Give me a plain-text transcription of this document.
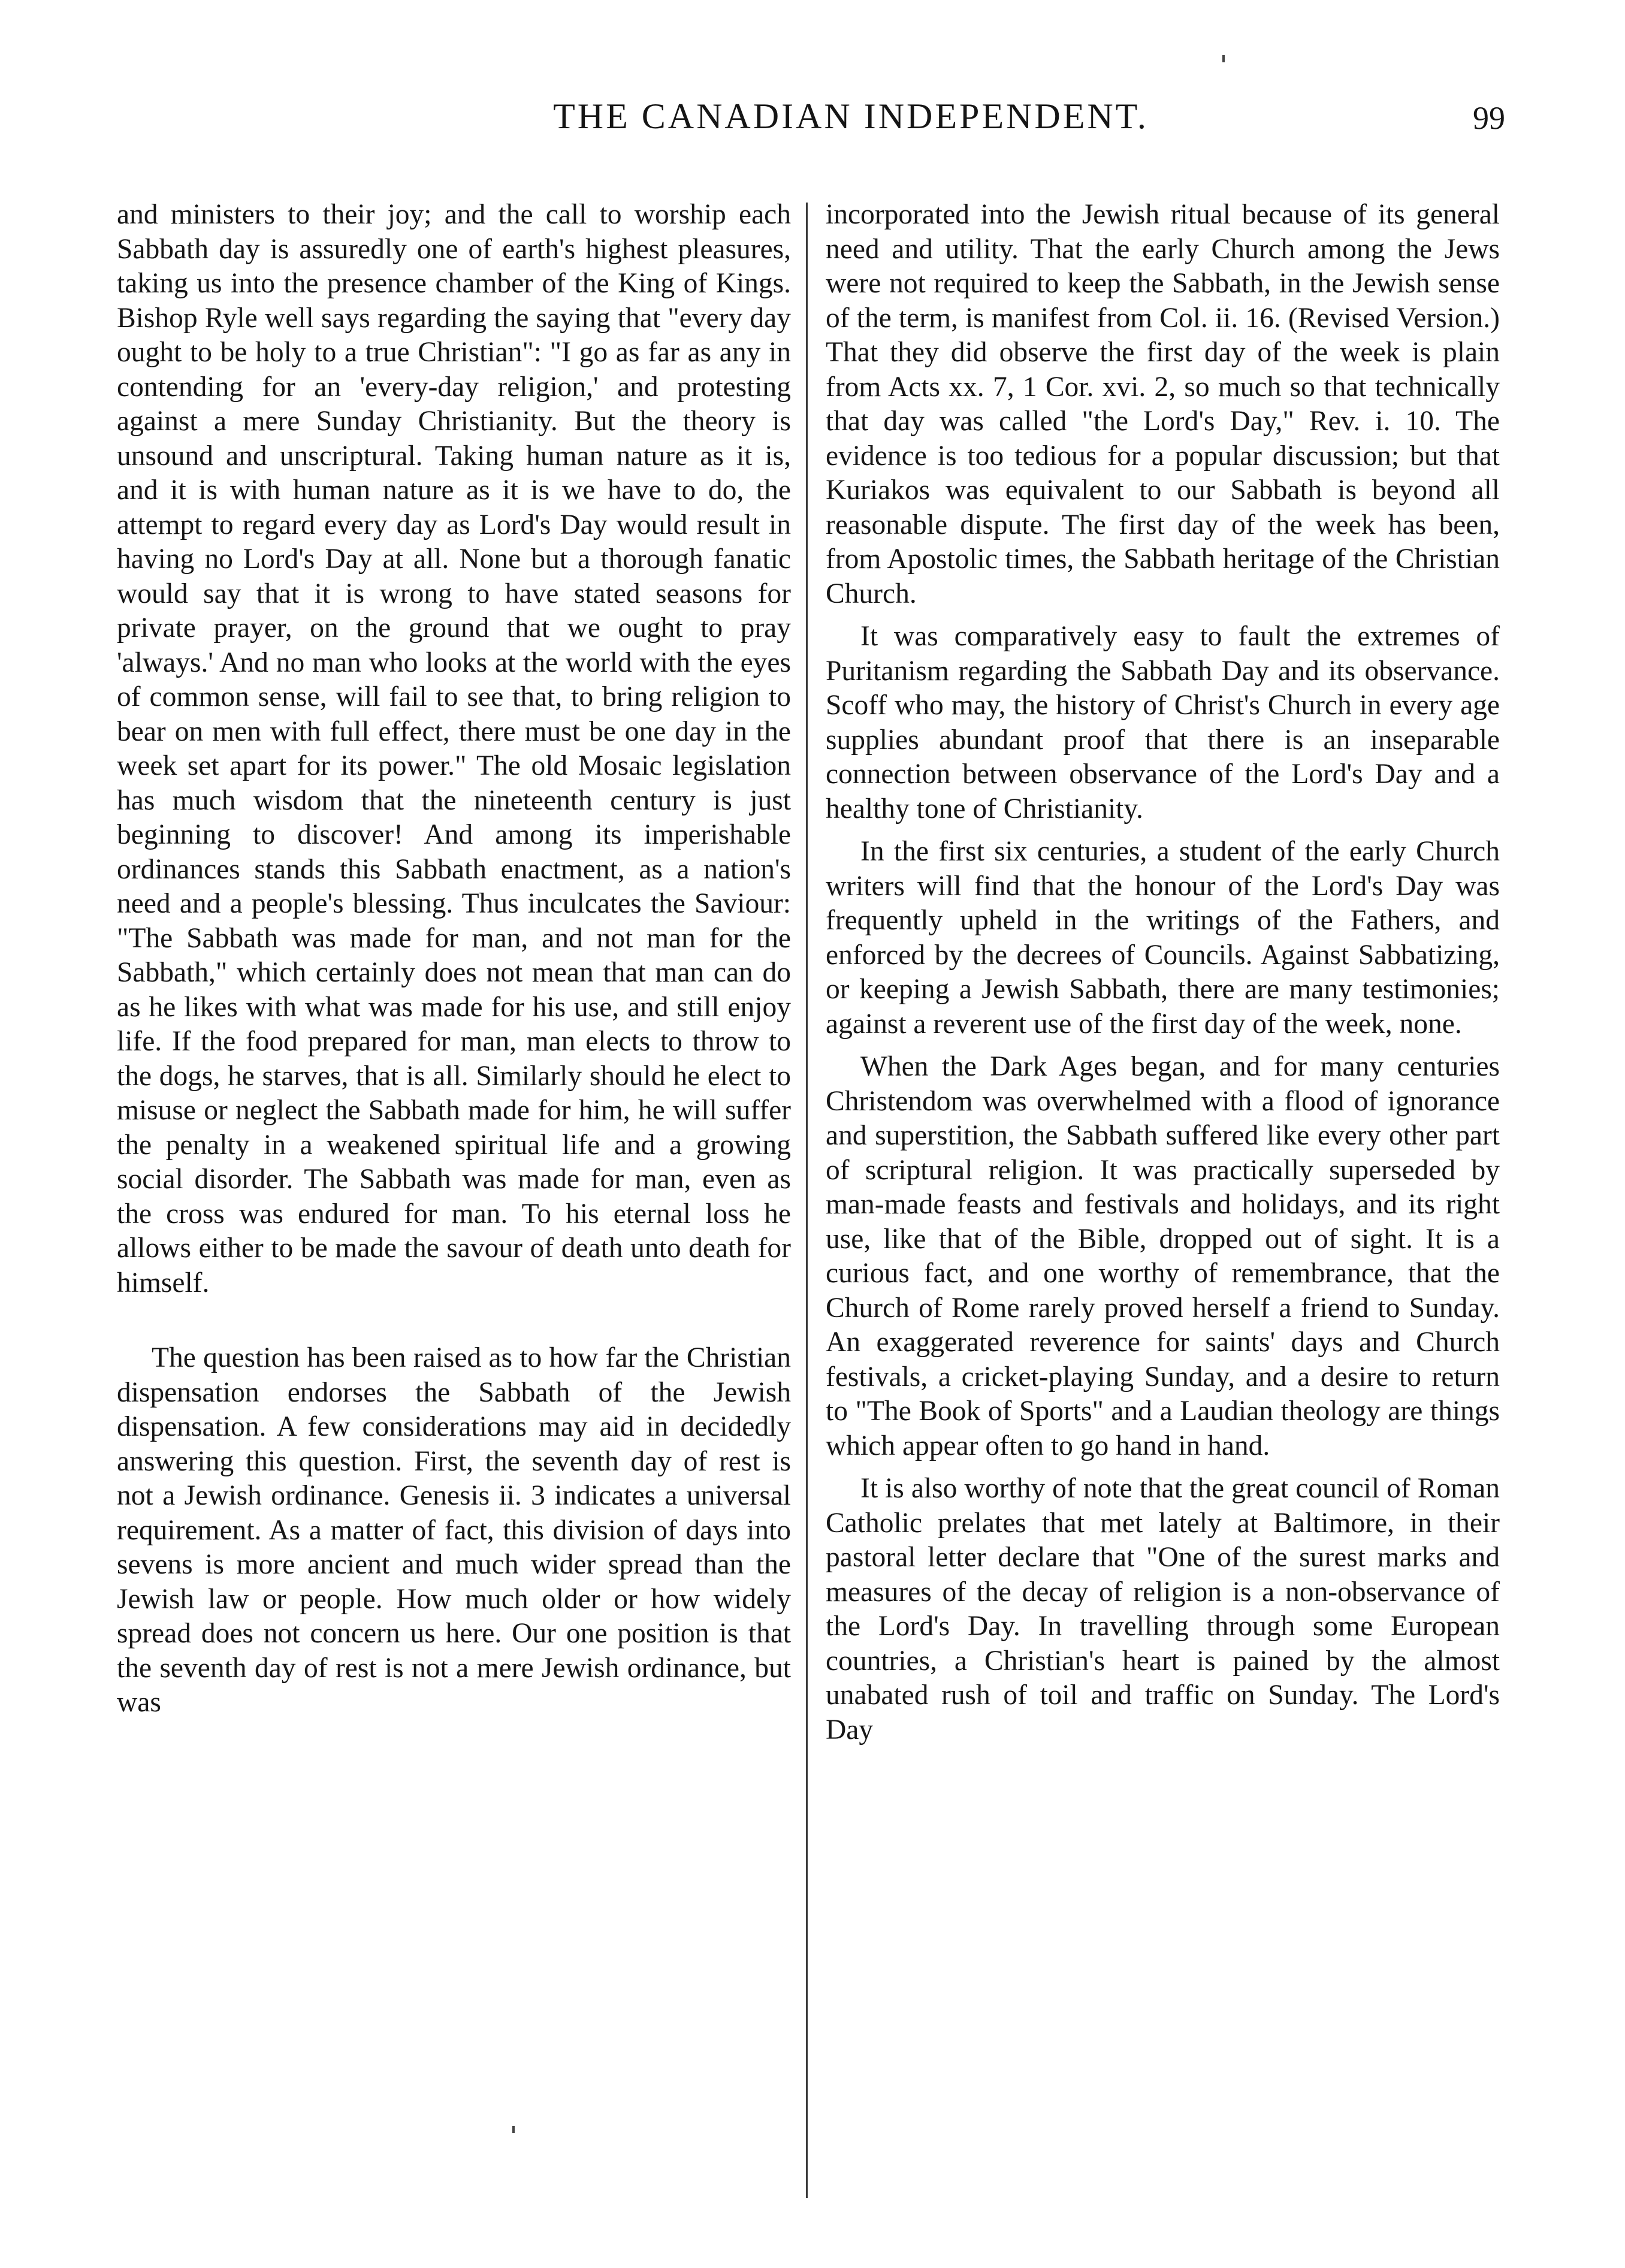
THE CANADIAN INDEPENDENT.	99

and ministers to their joy; and the call to worship each Sabbath day is assuredly one of earth's highest pleasures, taking us into the presence chamber of the King of Kings. Bishop Ryle well says regarding the saying that "every day ought to be holy to a true Christian": "I go as far as any in contending for an 'every-day religion,' and protesting against a mere Sunday Christianity. But the theory is unsound and unscriptural. Taking human nature as it is, and it is with human nature as it is we have to do, the attempt to regard every day as Lord's Day would result in having no Lord's Day at all. None but a thorough fanatic would say that it is wrong to have stated seasons for private prayer, on the ground that we ought to pray 'always.' And no man who looks at the world with the eyes of common sense, will fail to see that, to bring religion to bear on men with full effect, there must be one day in the week set apart for its power." The old Mosaic legislation has much wisdom that the nineteenth century is just beginning to discover! And among its imperishable ordinances stands this Sabbath enactment, as a nation's need and a people's blessing. Thus inculcates the Saviour: "The Sabbath was made for man, and not man for the Sabbath," which certainly does not mean that man can do as he likes with what was made for his use, and still enjoy life. If the food prepared for man, man elects to throw to the dogs, he starves, that is all. Similarly should he elect to misuse or neglect the Sabbath made for him, he will suffer the penalty in a weakened spiritual life and a growing social disorder. The Sabbath was made for man, even as the cross was endured for man. To his eternal loss he allows either to be made the savour of death unto death for himself.

The question has been raised as to how far the Christian dispensation endorses the Sabbath of the Jewish dispensation. A few considerations may aid in decidedly answering this question. First, the seventh day of rest is not a Jewish ordinance. Genesis ii. 3 indicates a universal requirement. As a matter of fact, this division of days into sevens is more ancient and much wider spread than the Jewish law or people. How much older or how widely spread does not concern us here. Our one position is that the seventh day of rest is not a mere Jewish ordinance, but was

incorporated into the Jewish ritual because of its general need and utility. That the early Church among the Jews were not required to keep the Sabbath, in the Jewish sense of the term, is manifest from Col. ii. 16. (Revised Version.) That they did observe the first day of the week is plain from Acts xx. 7, 1 Cor. xvi. 2, so much so that technically that day was called "the Lord's Day," Rev. i. 10. The evidence is too tedious for a popular discussion; but that Kuriakos was equivalent to our Sabbath is beyond all reasonable dispute. The first day of the week has been, from Apostolic times, the Sabbath heritage of the Christian Church.

It was comparatively easy to fault the extremes of Puritanism regarding the Sabbath Day and its observance. Scoff who may, the history of Christ's Church in every age supplies abundant proof that there is an inseparable connection between observance of the Lord's Day and a healthy tone of Christianity.

In the first six centuries, a student of the early Church writers will find that the honour of the Lord's Day was frequently upheld in the writings of the Fathers, and enforced by the decrees of Councils. Against Sabbatizing, or keeping a Jewish Sabbath, there are many testimonies; against a reverent use of the first day of the week, none.

When the Dark Ages began, and for many centuries Christendom was overwhelmed with a flood of ignorance and superstition, the Sabbath suffered like every other part of scriptural religion. It was practically superseded by man-made feasts and festivals and holidays, and its right use, like that of the Bible, dropped out of sight. It is a curious fact, and one worthy of remembrance, that the Church of Rome rarely proved herself a friend to Sunday. An exaggerated reverence for saints' days and Church festivals, a cricket-playing Sunday, and a desire to return to "The Book of Sports" and a Laudian theology are things which appear often to go hand in hand.

It is also worthy of note that the great council of Roman Catholic prelates that met lately at Baltimore, in their pastoral letter declare that "One of the surest marks and measures of the decay of religion is a non-observance of the Lord's Day. In travelling through some European countries, a Christian's heart is pained by the almost unabated rush of toil and traffic on Sunday. The Lord's Day
